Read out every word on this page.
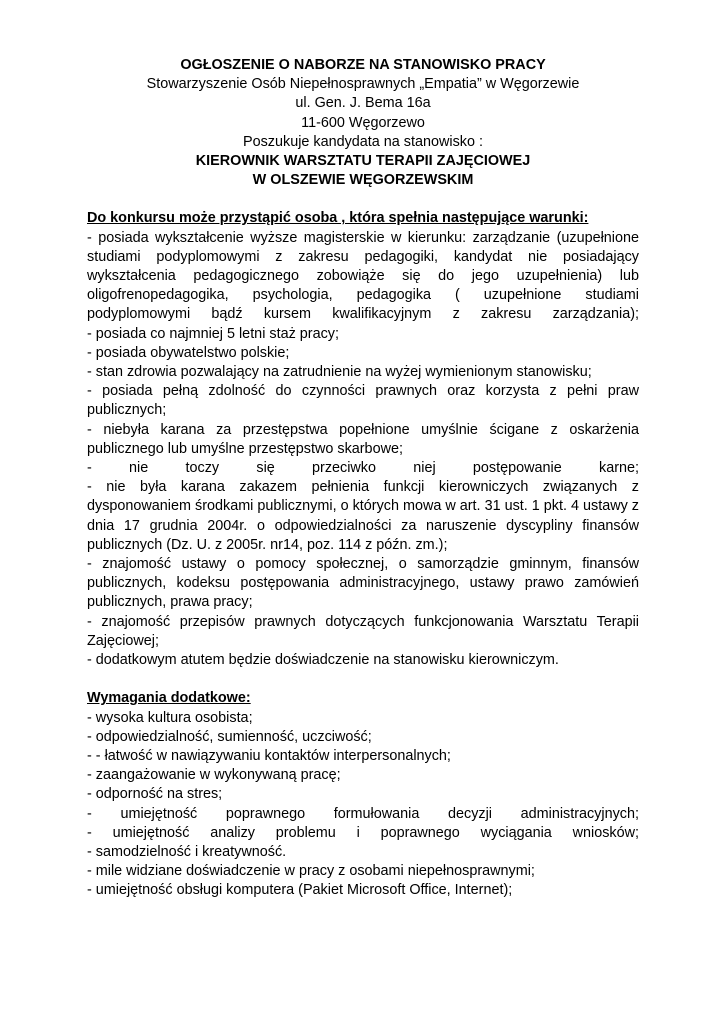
OGŁOSZENIE O NABORZE NA STANOWISKO PRACY
Stowarzyszenie Osób Niepełnosprawnych „Empatia” w Węgorzewie
ul. Gen. J. Bema 16a
11-600 Węgorzewo
Poszukuje kandydata na stanowisko :
KIEROWNIK WARSZTATU TERAPII ZAJĘCIOWEJ
W OLSZEWIE WĘGORZEWSKIM
Do konkursu może przystąpić osoba , która spełnia następujące warunki:
- posiada wykształcenie wyższe magisterskie w kierunku: zarządzanie (uzupełnione studiami podyplomowymi z zakresu pedagogiki, kandydat nie posiadający wykształcenia pedagogicznego zobowiąże się do jego uzupełnienia) lub oligofrenopedagogika, psychologia, pedagogika ( uzupełnione studiami podyplomowymi bądź kursem kwalifikacyjnym z zakresu zarządzania);
- posiada co najmniej 5 letni staż pracy;
- posiada obywatelstwo polskie;
- stan zdrowia pozwalający na zatrudnienie na wyżej wymienionym stanowisku;
- posiada pełną zdolność do czynności prawnych oraz korzysta z pełni praw publicznych;
- niebyła karana za przestępstwa popełnione umyślnie ścigane z oskarżenia publicznego lub umyślne przestępstwo skarbowe;
- nie toczy się przeciwko niej postępowanie karne;
- nie była karana zakazem pełnienia funkcji kierowniczych związanych z dysponowaniem środkami publicznymi, o których mowa w art. 31 ust. 1 pkt. 4 ustawy z dnia 17 grudnia 2004r. o odpowiedzialności za naruszenie dyscypliny finansów publicznych (Dz. U. z 2005r. nr14, poz. 114 z późn. zm.);
- znajomość ustawy o pomocy społecznej, o samorządzie gminnym, finansów publicznych, kodeksu postępowania administracyjnego, ustawy prawo zamówień publicznych, prawa pracy;
- znajomość przepisów prawnych dotyczących funkcjonowania Warsztatu Terapii Zajęciowej;
- dodatkowym atutem będzie doświadczenie na stanowisku kierowniczym.
Wymagania dodatkowe:
- wysoka kultura osobista;
- odpowiedzialność, sumienność, uczciwość;
- - łatwość w nawiązywaniu kontaktów interpersonalnych;
- zaangażowanie w wykonywaną pracę;
- odporność na stres;
- umiejętność poprawnego formułowania decyzji administracyjnych;
- umiejętność analizy problemu i poprawnego wyciągania wniosków;
- samodzielność i kreatywność.
- mile widziane doświadczenie w pracy z osobami niepełnosprawnymi;
- umiejętność obsługi komputera (Pakiet Microsoft Office, Internet);
